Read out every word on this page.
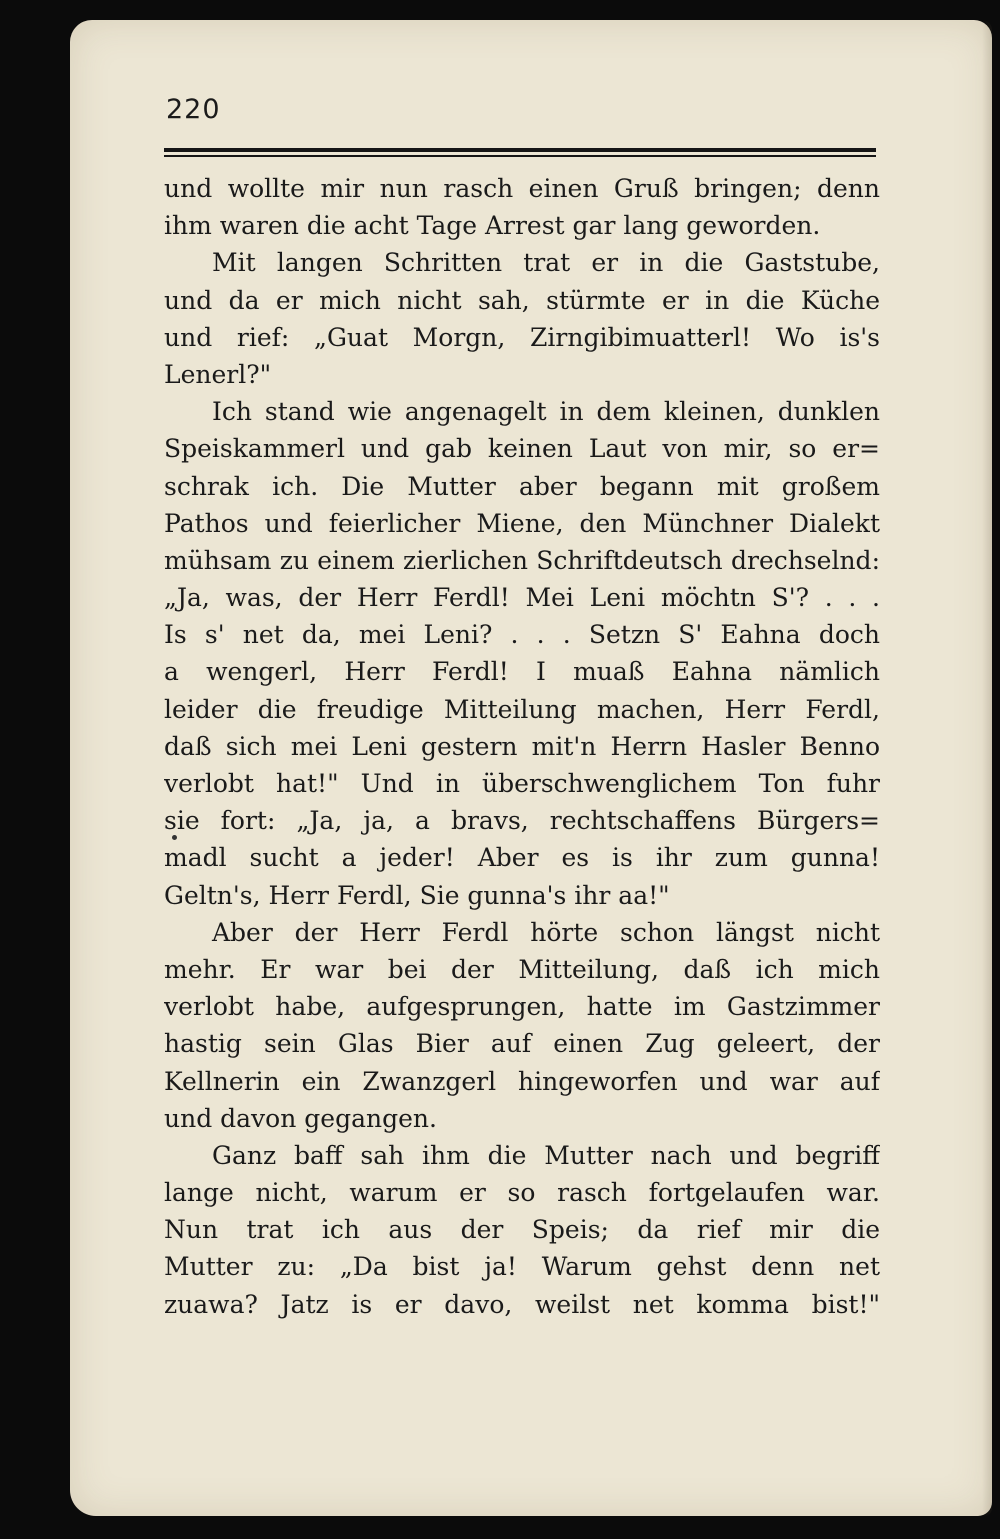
220

und wollte mir nun rasch einen Gruß bringen; denn
ihm waren die acht Tage Arrest gar lang geworden.
Mit langen Schritten trat er in die Gaststube,
und da er mich nicht sah, stürmte er in die Küche
und rief: „Guat Morgn, Zirngibimuatterl! Wo is's
Lenerl?"
Ich stand wie angenagelt in dem kleinen, dunklen
Speiskammerl und gab keinen Laut von mir, so er=
schrak ich. Die Mutter aber begann mit großem
Pathos und feierlicher Miene, den Münchner Dialekt
mühsam zu einem zierlichen Schriftdeutsch drechselnd:
„Ja, was, der Herr Ferdl! Mei Leni möchtn S'? . . .
Is s' net da, mei Leni? . . . Setzn S' Eahna doch
a wengerl, Herr Ferdl! I muaß Eahna nämlich
leider die freudige Mitteilung machen, Herr Ferdl,
daß sich mei Leni gestern mit'n Herrn Hasler Benno
verlobt hat!" Und in überschwenglichem Ton fuhr
sie fort: „Ja, ja, a bravs, rechtschaffens Bürgers=
madl sucht a jeder! Aber es is ihr zum gunna!
Geltn's, Herr Ferdl, Sie gunna's ihr aa!"
Aber der Herr Ferdl hörte schon längst nicht
mehr. Er war bei der Mitteilung, daß ich mich
verlobt habe, aufgesprungen, hatte im Gastzimmer
hastig sein Glas Bier auf einen Zug geleert, der
Kellnerin ein Zwanzgerl hingeworfen und war auf
und davon gegangen.
Ganz baff sah ihm die Mutter nach und begriff
lange nicht, warum er so rasch fortgelaufen war.
Nun trat ich aus der Speis; da rief mir die
Mutter zu: „Da bist ja! Warum gehst denn net
zuawa? Jatz is er davo, weilst net komma bist!"
